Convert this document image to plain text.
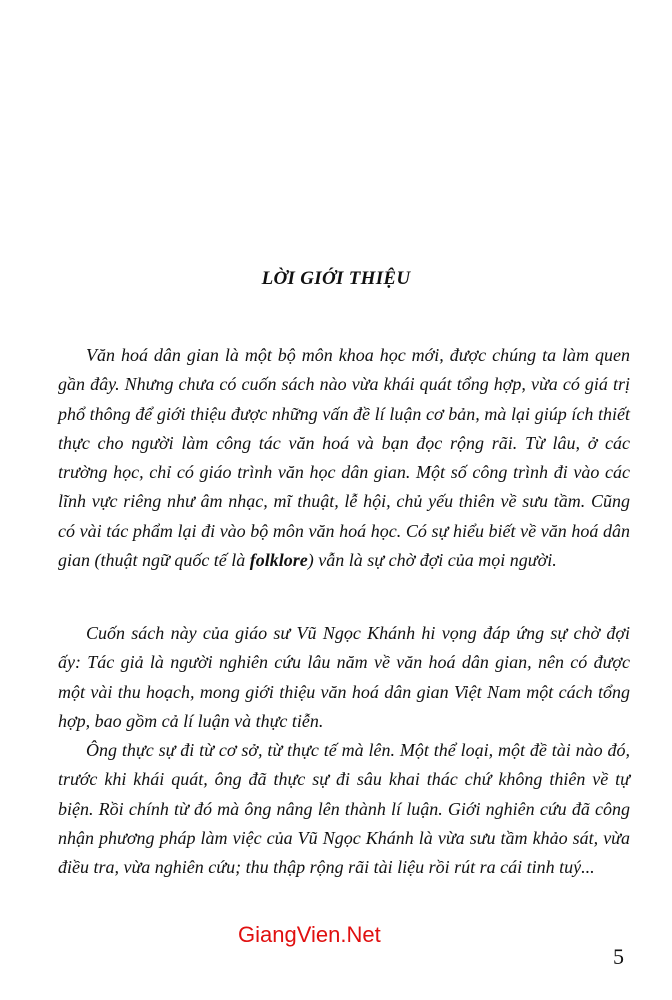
LỜI GIỚI THIỆU

Văn hoá dân gian là một bộ môn khoa học mới, được chúng ta làm quen gần đây. Nhưng chưa có cuốn sách nào vừa khái quát tổng hợp, vừa có giá trị phổ thông để giới thiệu được những vấn đề lí luận cơ bản, mà lại giúp ích thiết thực cho người làm công tác văn hoá và bạn đọc rộng rãi. Từ lâu, ở các trường học, chỉ có giáo trình văn học dân gian. Một số công trình đi vào các lĩnh vực riêng như âm nhạc, mĩ thuật, lễ hội, chủ yếu thiên về sưu tầm. Cũng có vài tác phẩm lại đi vào bộ môn văn hoá học. Có sự hiểu biết về văn hoá dân gian (thuật ngữ quốc tế là folklore) vẫn là sự chờ đợi của mọi người.

Cuốn sách này của giáo sư Vũ Ngọc Khánh hi vọng đáp ứng sự chờ đợi ấy: Tác giả là người nghiên cứu lâu năm về văn hoá dân gian, nên có được một vài thu hoạch, mong giới thiệu văn hoá dân gian Việt Nam một cách tổng hợp, bao gồm cả lí luận và thực tiễn.

Ông thực sự đi từ cơ sở, từ thực tế mà lên. Một thể loại, một đề tài nào đó, trước khi khái quát, ông đã thực sự đi sâu khai thác chứ không thiên về tự biện. Rồi chính từ đó mà ông nâng lên thành lí luận. Giới nghiên cứu đã công nhận phương pháp làm việc của Vũ Ngọc Khánh là vừa sưu tầm khảo sát, vừa điều tra, vừa nghiên cứu; thu thập rộng rãi tài liệu rồi rút ra cái tinh tuý...

GiangVien.Net
5
